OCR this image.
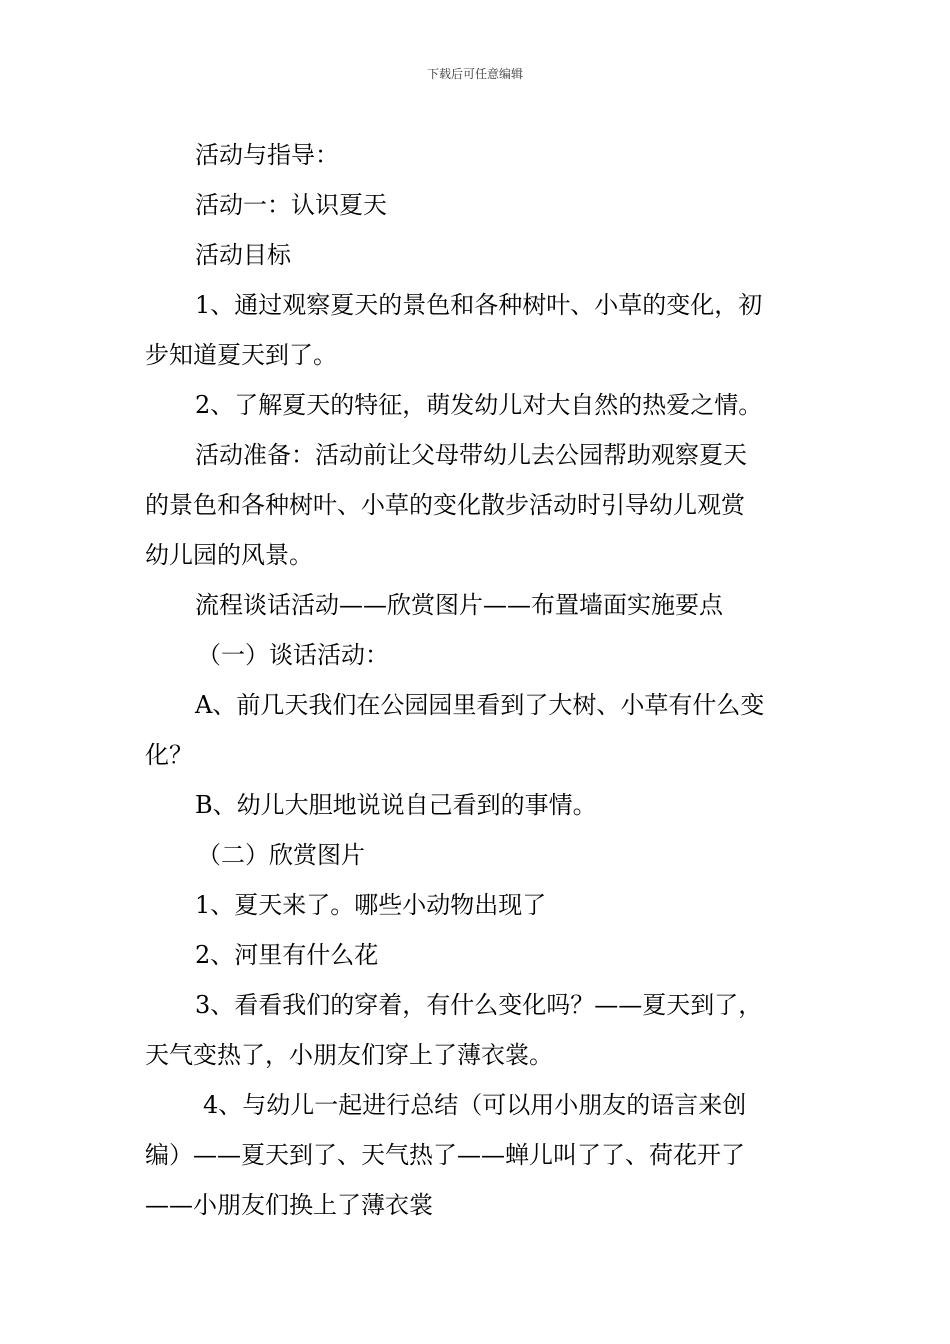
下载后可任意编辑
活动与指导：
活动一：认识夏天
活动目标
1、通过观察夏天的景色和各种树叶、小草的变化，初
步知道夏天到了。
2、了解夏天的特征，萌发幼儿对大自然的热爱之情。
活动准备：活动前让父母带幼儿去公园帮助观察夏天
的景色和各种树叶、小草的变化散步活动时引导幼儿观赏
幼儿园的风景。
流程谈话活动——欣赏图片——布置墙面实施要点
（一）谈话活动：
A、前几天我们在公园园里看到了大树、小草有什么变
化？
B、幼儿大胆地说说自己看到的事情。
（二）欣赏图片
1、夏天来了。哪些小动物出现了
2、河里有什么花
3、看看我们的穿着，有什么变化吗？——夏天到了，
天气变热了，小朋友们穿上了薄衣裳。
4、与幼儿一起进行总结（可以用小朋友的语言来创
编）——夏天到了、天气热了——蝉儿叫了了、荷花开了
——小朋友们换上了薄衣裳
